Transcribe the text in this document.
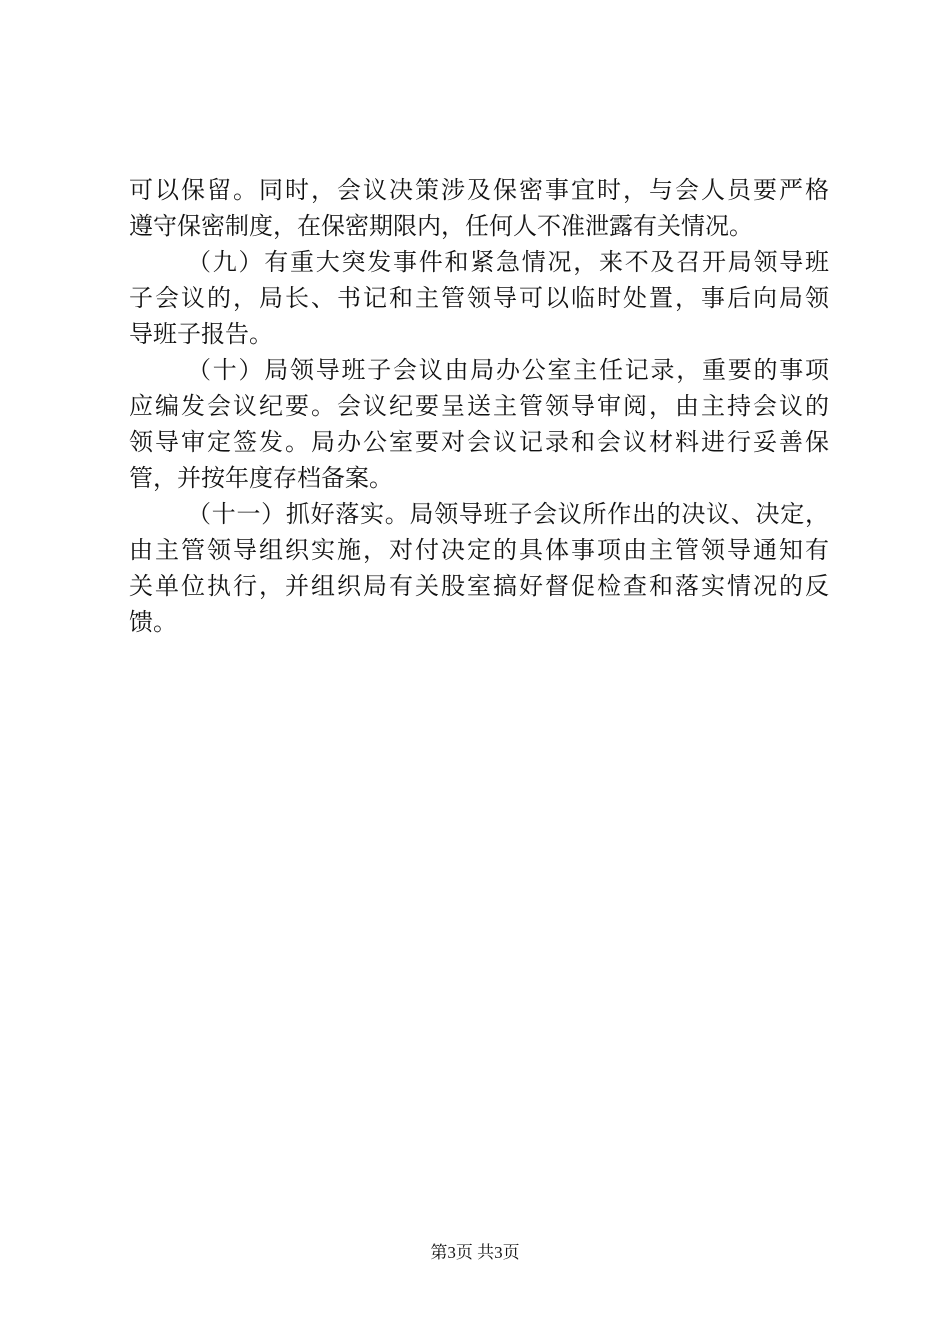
可以保留。同时，会议决策涉及保密事宜时，与会人员要严格
遵守保密制度，在保密期限内，任何人不准泄露有关情况。
（九）有重大突发事件和紧急情况，来不及召开局领导班
子会议的，局长、书记和主管领导可以临时处置，事后向局领
导班子报告。
（十）局领导班子会议由局办公室主任记录，重要的事项
应编发会议纪要。会议纪要呈送主管领导审阅，由主持会议的
领导审定签发。局办公室要对会议记录和会议材料进行妥善保
管，并按年度存档备案。
（十一）抓好落实。局领导班子会议所作出的决议、决定，
由主管领导组织实施，对付决定的具体事项由主管领导通知有
关单位执行，并组织局有关股室搞好督促检查和落实情况的反
馈。
第3页 共3页
